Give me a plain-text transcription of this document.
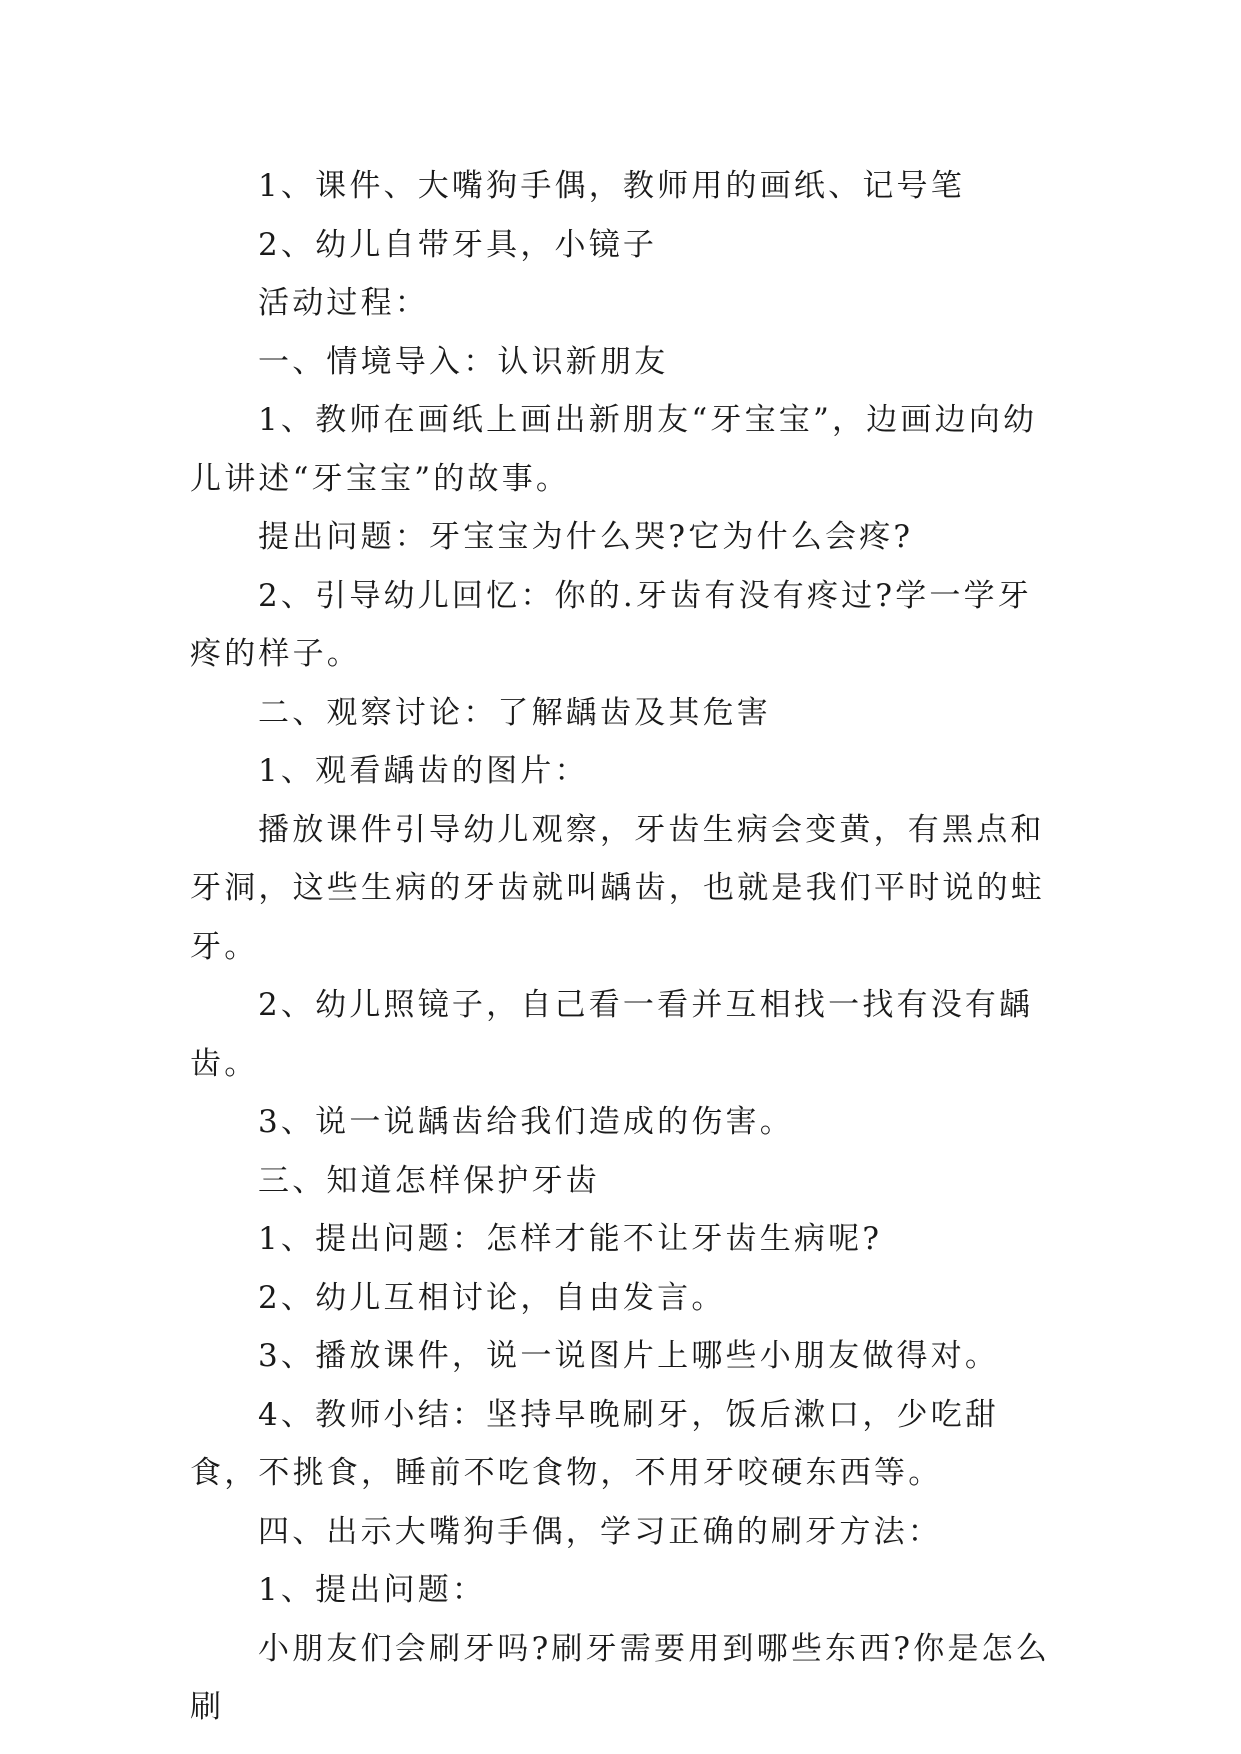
1、课件、大嘴狗手偶，教师用的画纸、记号笔

2、幼儿自带牙具，小镜子

活动过程：

一、情境导入：认识新朋友

1、教师在画纸上画出新朋友“牙宝宝”，边画边向幼儿讲述“牙宝宝”的故事。

提出问题：牙宝宝为什么哭?它为什么会疼?

2、引导幼儿回忆：你的.牙齿有没有疼过?学一学牙疼的样子。

二、观察讨论：了解龋齿及其危害

1、观看龋齿的图片：

播放课件引导幼儿观察，牙齿生病会变黄，有黑点和牙洞，这些生病的牙齿就叫龋齿，也就是我们平时说的蛀牙。

2、幼儿照镜子，自己看一看并互相找一找有没有龋齿。

3、说一说龋齿给我们造成的伤害。

三、知道怎样保护牙齿

1、提出问题：怎样才能不让牙齿生病呢?

2、幼儿互相讨论，自由发言。

3、播放课件，说一说图片上哪些小朋友做得对。

4、教师小结：坚持早晚刷牙，饭后漱口，少吃甜食，不挑食，睡前不吃食物，不用牙咬硬东西等。

四、出示大嘴狗手偶，学习正确的刷牙方法：

1、提出问题：

小朋友们会刷牙吗?刷牙需要用到哪些东西?你是怎么刷
